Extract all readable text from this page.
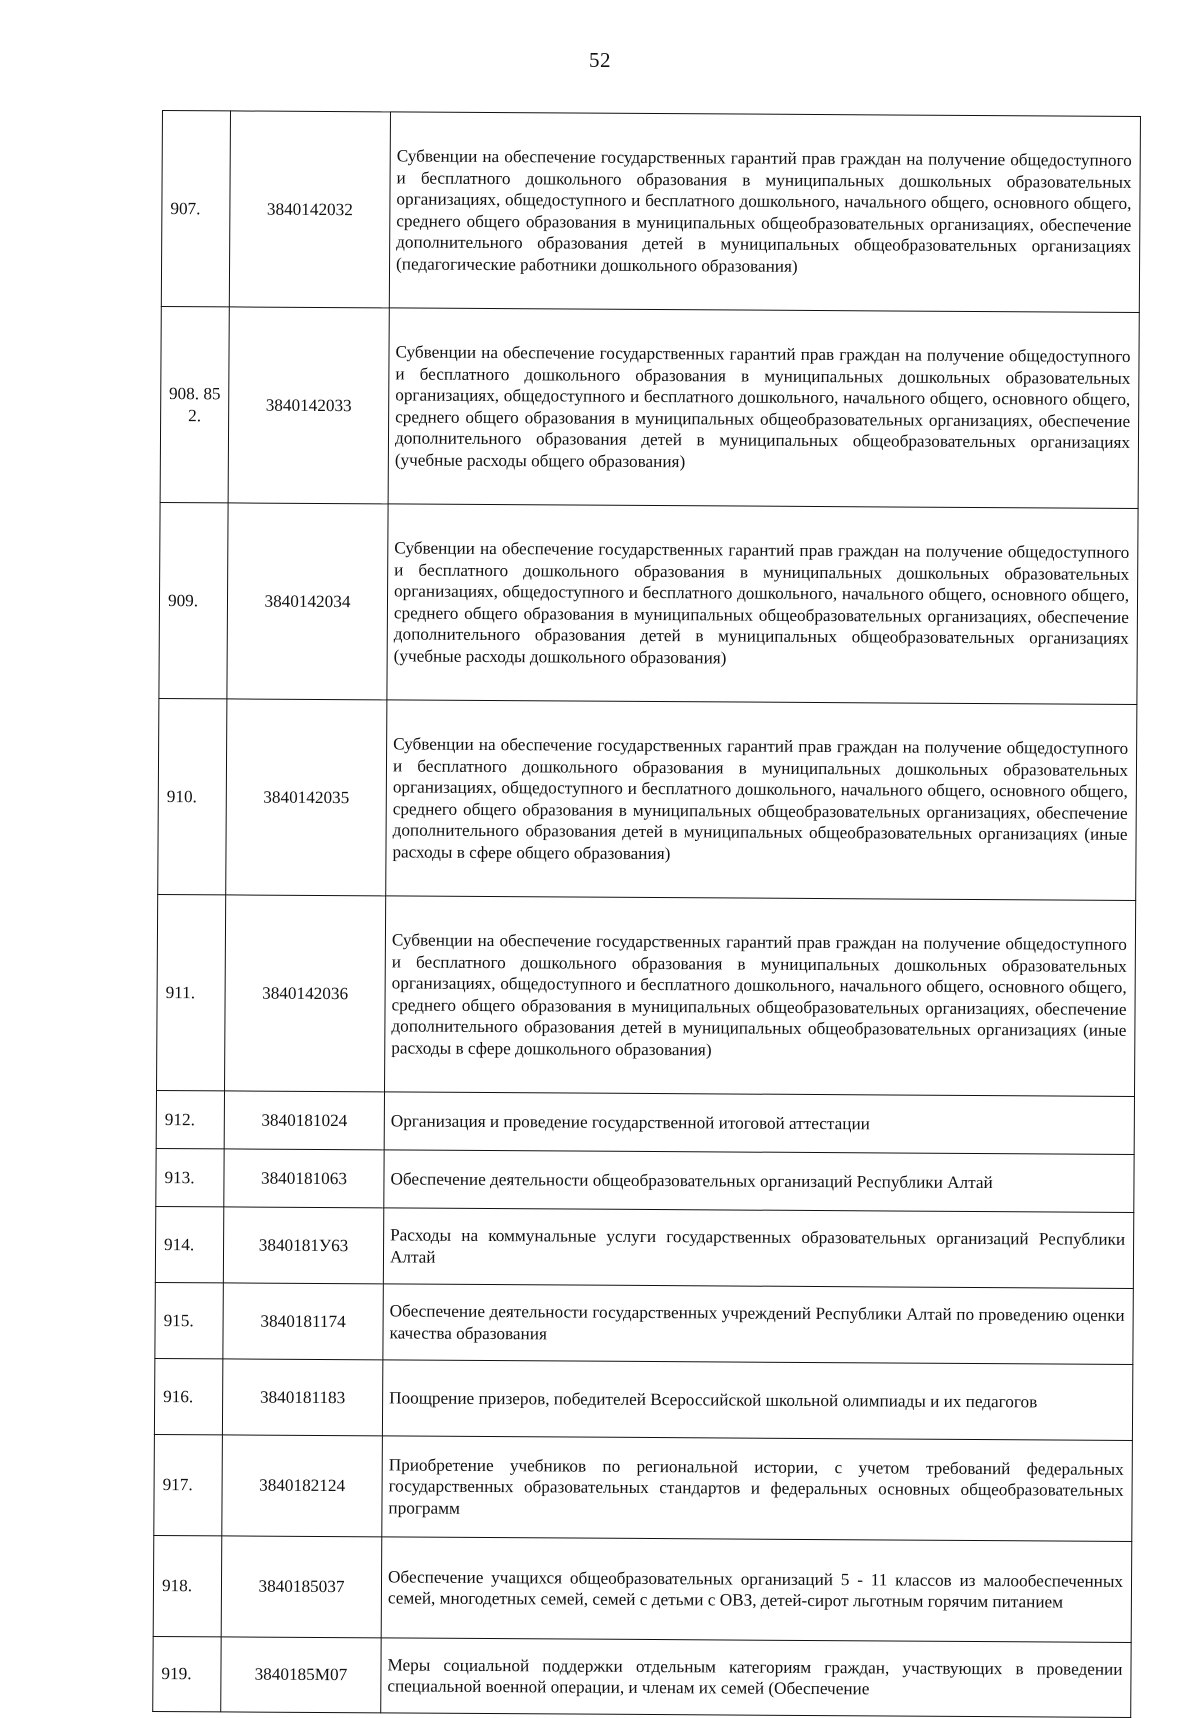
52
907.	3840142032	Субвенции на обеспечение государственных гарантий прав граждан на получение общедоступного и бесплатного дошкольного образования в муниципальных дошкольных образовательных организациях, общедоступного и бесплатного дошкольного, начального общего, основного общего, среднего общего образования в муниципальных общеобразовательных организациях, обеспечение дополнительного образования детей в муниципальных общеобразовательных организациях (педагогические работники дошкольного образования)
908. 85 2.	3840142033	Субвенции на обеспечение государственных гарантий прав граждан на получение общедоступного и бесплатного дошкольного образования в муниципальных дошкольных образовательных организациях, общедоступного и бесплатного дошкольного, начального общего, основного общего, среднего общего образования в муниципальных общеобразовательных организациях, обеспечение дополнительного образования детей в муниципальных общеобразовательных организациях (учебные расходы общего образования)
909.	3840142034	Субвенции на обеспечение государственных гарантий прав граждан на получение общедоступного и бесплатного дошкольного образования в муниципальных дошкольных образовательных организациях, общедоступного и бесплатного дошкольного, начального общего, основного общего, среднего общего образования в муниципальных общеобразовательных организациях, обеспечение дополнительного образования детей в муниципальных общеобразовательных организациях (учебные расходы дошкольного образования)
910.	3840142035	Субвенции на обеспечение государственных гарантий прав граждан на получение общедоступного и бесплатного дошкольного образования в муниципальных дошкольных образовательных организациях, общедоступного и бесплатного дошкольного, начального общего, основного общего, среднего общего образования в муниципальных общеобразовательных организациях, обеспечение дополнительного образования детей в муниципальных общеобразовательных организациях (иные расходы в сфере общего образования)
911.	3840142036	Субвенции на обеспечение государственных гарантий прав граждан на получение общедоступного и бесплатного дошкольного образования в муниципальных дошкольных образовательных организациях, общедоступного и бесплатного дошкольного, начального общего, основного общего, среднего общего образования в муниципальных общеобразовательных организациях, обеспечение дополнительного образования детей в муниципальных общеобразовательных организациях (иные расходы в сфере дошкольного образования)
912.	3840181024	Организация и проведение государственной итоговой аттестации
913.	3840181063	Обеспечение деятельности общеобразовательных организаций Республики Алтай
914.	3840181У63	Расходы на коммунальные услуги государственных образовательных организаций Республики Алтай
915.	3840181174	Обеспечение деятельности государственных учреждений Республики Алтай по проведению оценки качества образования
916.	3840181183	Поощрение призеров, победителей Всероссийской школьной олимпиады и их педагогов
917.	3840182124	Приобретение учебников по региональной истории, с учетом требований федеральных государственных образовательных стандартов и федеральных основных общеобразовательных программ
918.	3840185037	Обеспечение учащихся общеобразовательных организаций 5 - 11 классов из малообеспеченных семей, многодетных семей, семей с детьми с ОВЗ, детей-сирот льготным горячим питанием
919.	3840185M07	Меры социальной поддержки отдельным категориям граждан, участвующих в проведении специальной военной операции, и членам их семей (Обеспечение
